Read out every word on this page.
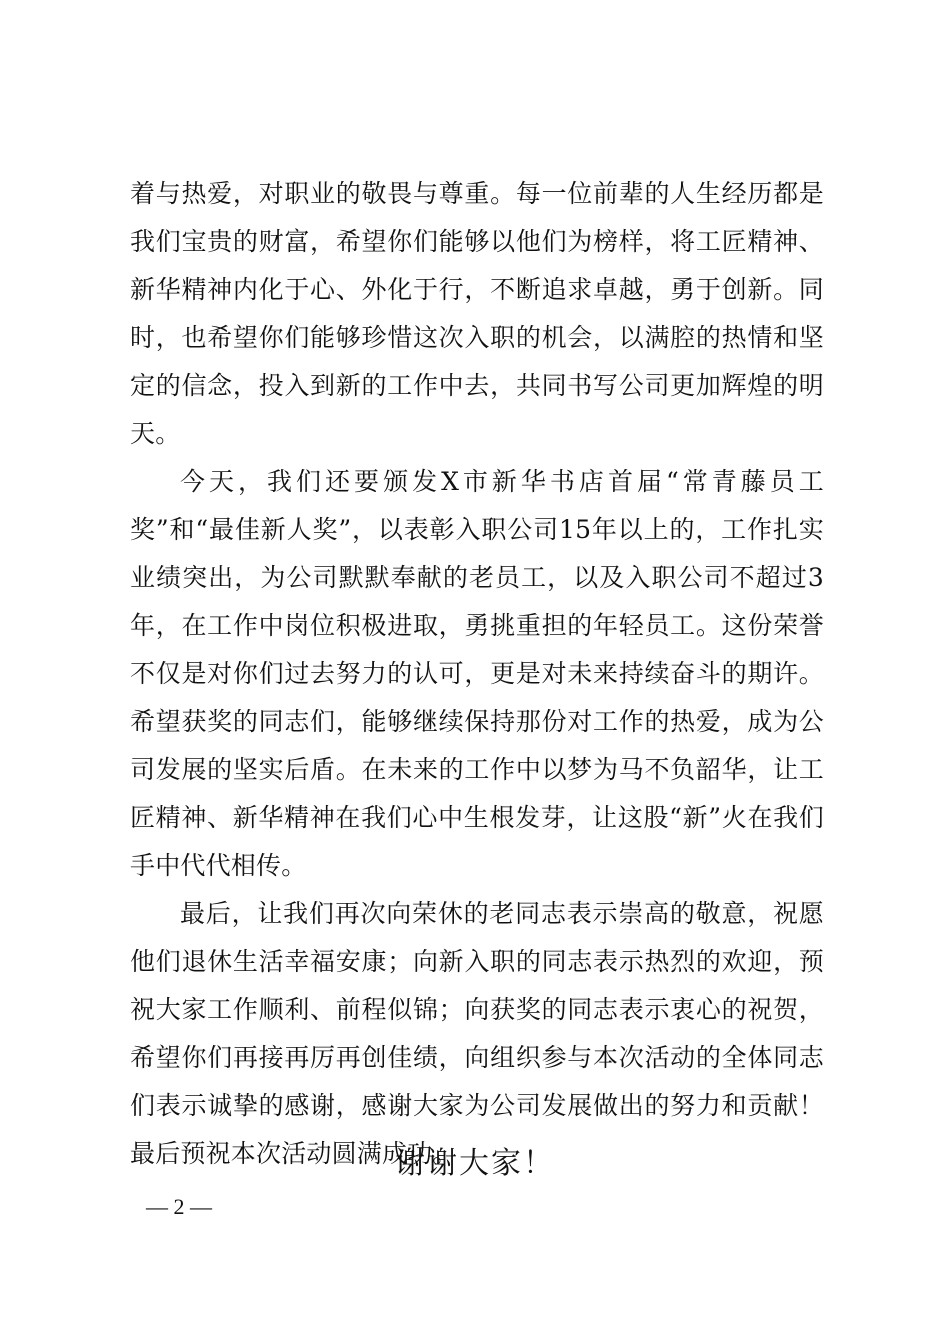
着与热爱，对职业的敬畏与尊重。每一位前辈的人生经历都是我们宝贵的财富，希望你们能够以他们为榜样，将工匠精神、新华精神内化于心、外化于行，不断追求卓越，勇于创新。同时，也希望你们能够珍惜这次入职的机会，以满腔的热情和坚定的信念，投入到新的工作中去，共同书写公司更加辉煌的明天。

今天，我们还要颁发X市新华书店首届“常青藤员工奖”和“最佳新人奖”，以表彰入职公司15年以上的，工作扎实业绩突出，为公司默默奉献的老员工，以及入职公司不超过3年，在工作中岗位积极进取，勇挑重担的年轻员工。这份荣誉不仅是对你们过去努力的认可，更是对未来持续奋斗的期许。希望获奖的同志们，能够继续保持那份对工作的热爱，成为公司发展的坚实后盾。在未来的工作中以梦为马不负韶华，让工匠精神、新华精神在我们心中生根发芽，让这股“新”火在我们手中代代相传。

最后，让我们再次向荣休的老同志表示崇高的敬意，祝愿他们退休生活幸福安康；向新入职的同志表示热烈的欢迎，预祝大家工作顺利、前程似锦；向获奖的同志表示衷心的祝贺，希望你们再接再厉再创佳绩，向组织参与本次活动的全体同志们表示诚挚的感谢，感谢大家为公司发展做出的努力和贡献！最后预祝本次活动圆满成功。

谢谢大家！
— 2 —
